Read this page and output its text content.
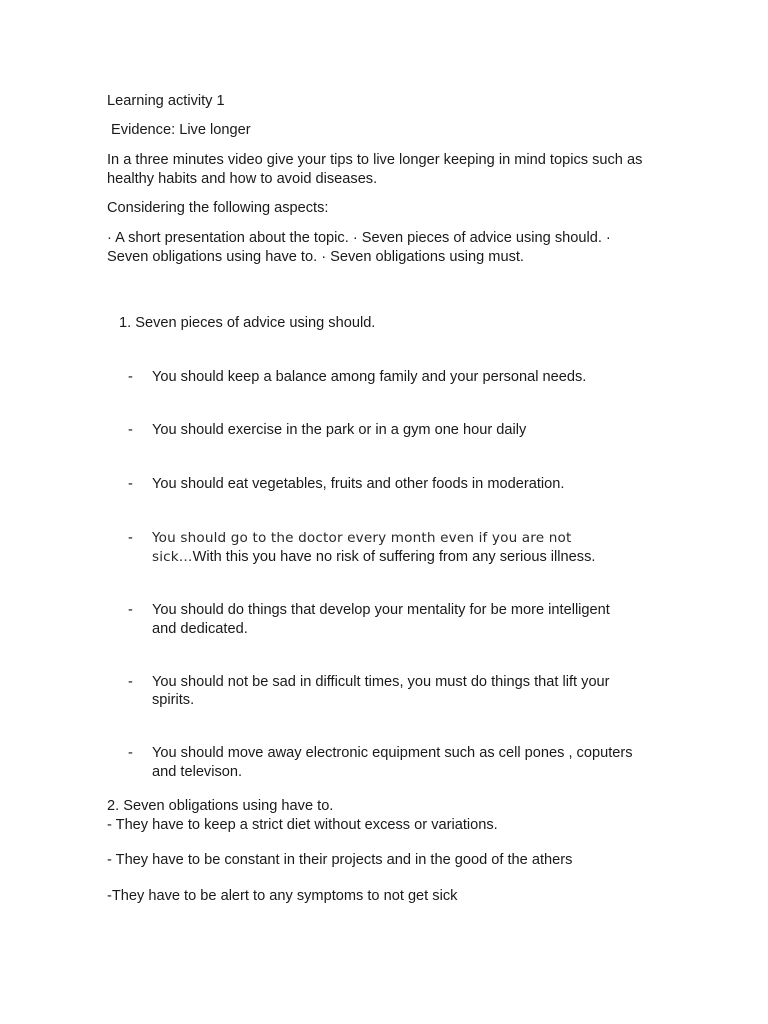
Learning activity 1
Evidence: Live longer
In a three minutes video give your tips to live longer keeping in mind topics such as
healthy habits and how to avoid diseases.
Considering the following aspects:
· A short presentation about the topic. · Seven pieces of advice using should. ·
Seven obligations using have to. · Seven obligations using must.
1. Seven pieces of advice using should.
-	You should keep a balance among family and your personal needs.
-	You should exercise in the park or in a gym one hour daily
-	You should eat vegetables, fruits and other foods in moderation.
-	You should go to the doctor every month even if you are not
sick…With this you have no risk of suffering from any serious illness.
-	You should do things that develop your mentality for be more intelligent
and dedicated.
-	You should not be sad in difficult times, you must do things that lift your
spirits.
-	You should move away electronic equipment such as cell pones , coputers
and televison.
2. Seven obligations using have to.
- They have to keep a strict diet without excess or variations.
- They have to be constant in their projects and in the good of the athers
-They have to be alert to any symptoms to not get sick
